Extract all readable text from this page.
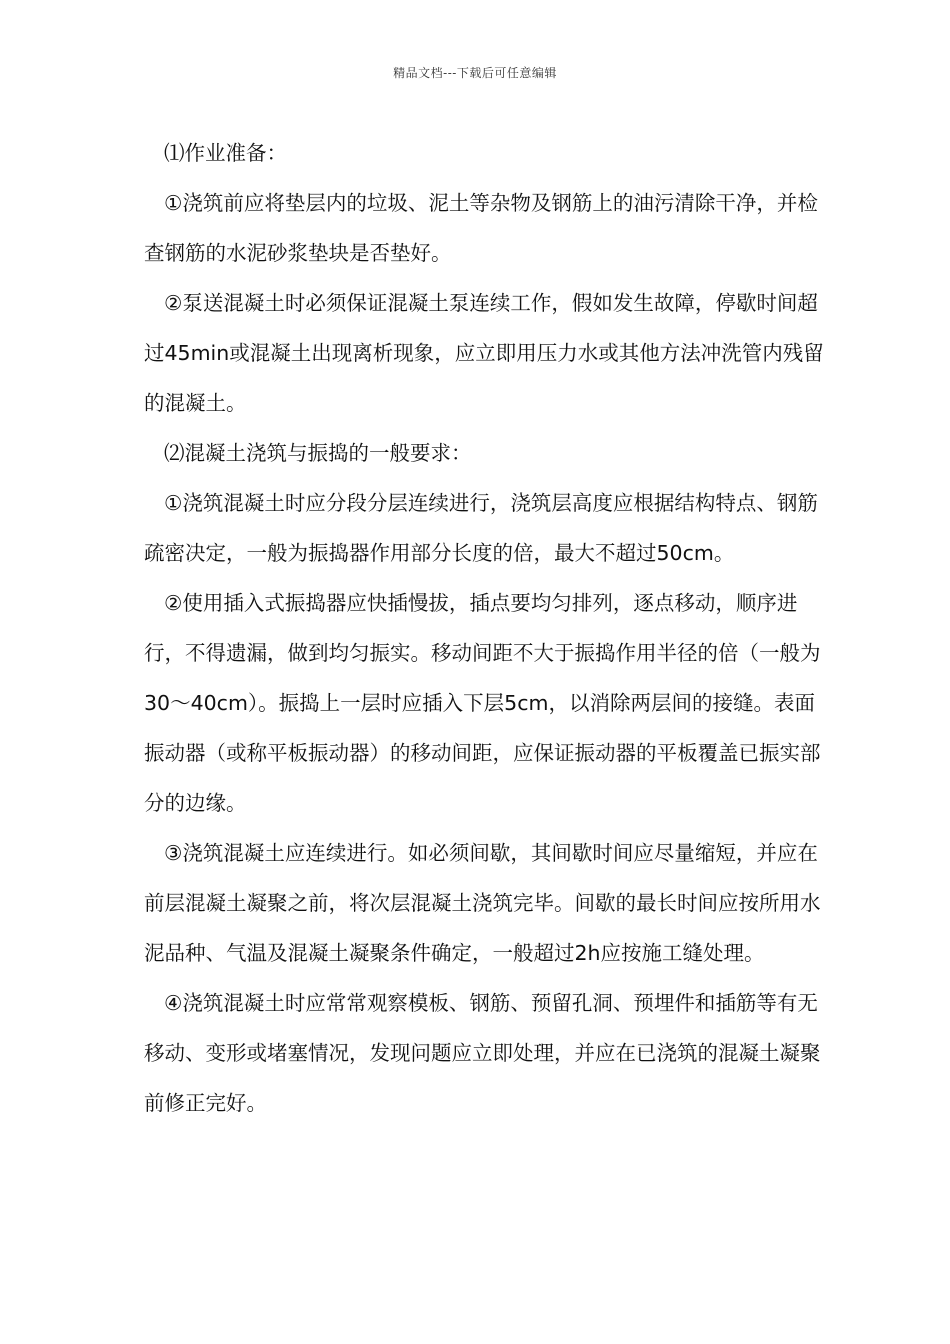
精品文档---下载后可任意编辑

⑴作业准备：

①浇筑前应将垫层内的垃圾、泥土等杂物及钢筋上的油污清除干净，并检查钢筋的水泥砂浆垫块是否垫好。

②泵送混凝土时必须保证混凝土泵连续工作，假如发生故障，停歇时间超过45min或混凝土出现离析现象，应立即用压力水或其他方法冲洗管内残留的混凝土。

⑵混凝土浇筑与振捣的一般要求：

①浇筑混凝土时应分段分层连续进行，浇筑层高度应根据结构特点、钢筋疏密决定，一般为振捣器作用部分长度的倍，最大不超过50cm。

②使用插入式振捣器应快插慢拔，插点要均匀排列，逐点移动，顺序进行，不得遗漏，做到均匀振实。移动间距不大于振捣作用半径的倍（一般为30～40cm）。振捣上一层时应插入下层5cm，以消除两层间的接缝。表面振动器（或称平板振动器）的移动间距，应保证振动器的平板覆盖已振实部分的边缘。

③浇筑混凝土应连续进行。如必须间歇，其间歇时间应尽量缩短，并应在前层混凝土凝聚之前，将次层混凝土浇筑完毕。间歇的最长时间应按所用水泥品种、气温及混凝土凝聚条件确定，一般超过2h应按施工缝处理。

④浇筑混凝土时应常常观察模板、钢筋、预留孔洞、预埋件和插筋等有无移动、变形或堵塞情况，发现问题应立即处理，并应在已浇筑的混凝土凝聚前修正完好。
